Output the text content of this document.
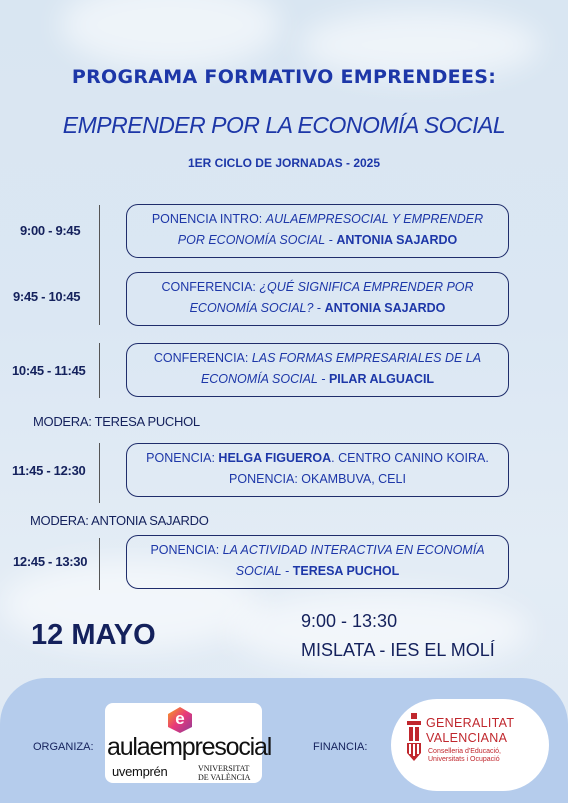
PROGRAMA FORMATIVO EMPRENDEES:
EMPRENDER POR LA ECONOMÍA SOCIAL
1ER CICLO DE JORNADAS - 2025
9:00 - 9:45
PONENCIA INTRO: AULAEMPRESOCIAL Y EMPRENDER
POR ECONOMÍA SOCIAL - ANTONIA SAJARDO
9:45 - 10:45
CONFERENCIA: ¿QUÉ SIGNIFICA EMPRENDER POR
ECONOMÍA SOCIAL? - ANTONIA SAJARDO
10:45 - 11:45
CONFERENCIA: LAS FORMAS EMPRESARIALES DE LA
ECONOMÍA SOCIAL - PILAR ALGUACIL
MODERA: TERESA PUCHOL
11:45 - 12:30
PONENCIA: HELGA FIGUEROA. CENTRO CANINO KOIRA.
PONENCIA: OKAMBUVA, CELI
MODERA: ANTONIA SAJARDO
12:45 - 13:30
PONENCIA: LA ACTIVIDAD INTERACTIVA EN ECONOMÍA
SOCIAL - TERESA PUCHOL
12 MAYO	9:00 - 13:30
MISLATA - IES EL MOLÍ
ORGANIZA:	FINANCIA:
e
aulaempresocial
uvemprén	VNIVERSITAT
DE VALÈNCIA
GENERALITAT
VALENCIANA
Conselleria d'Educació,
Universitats i Ocupació
